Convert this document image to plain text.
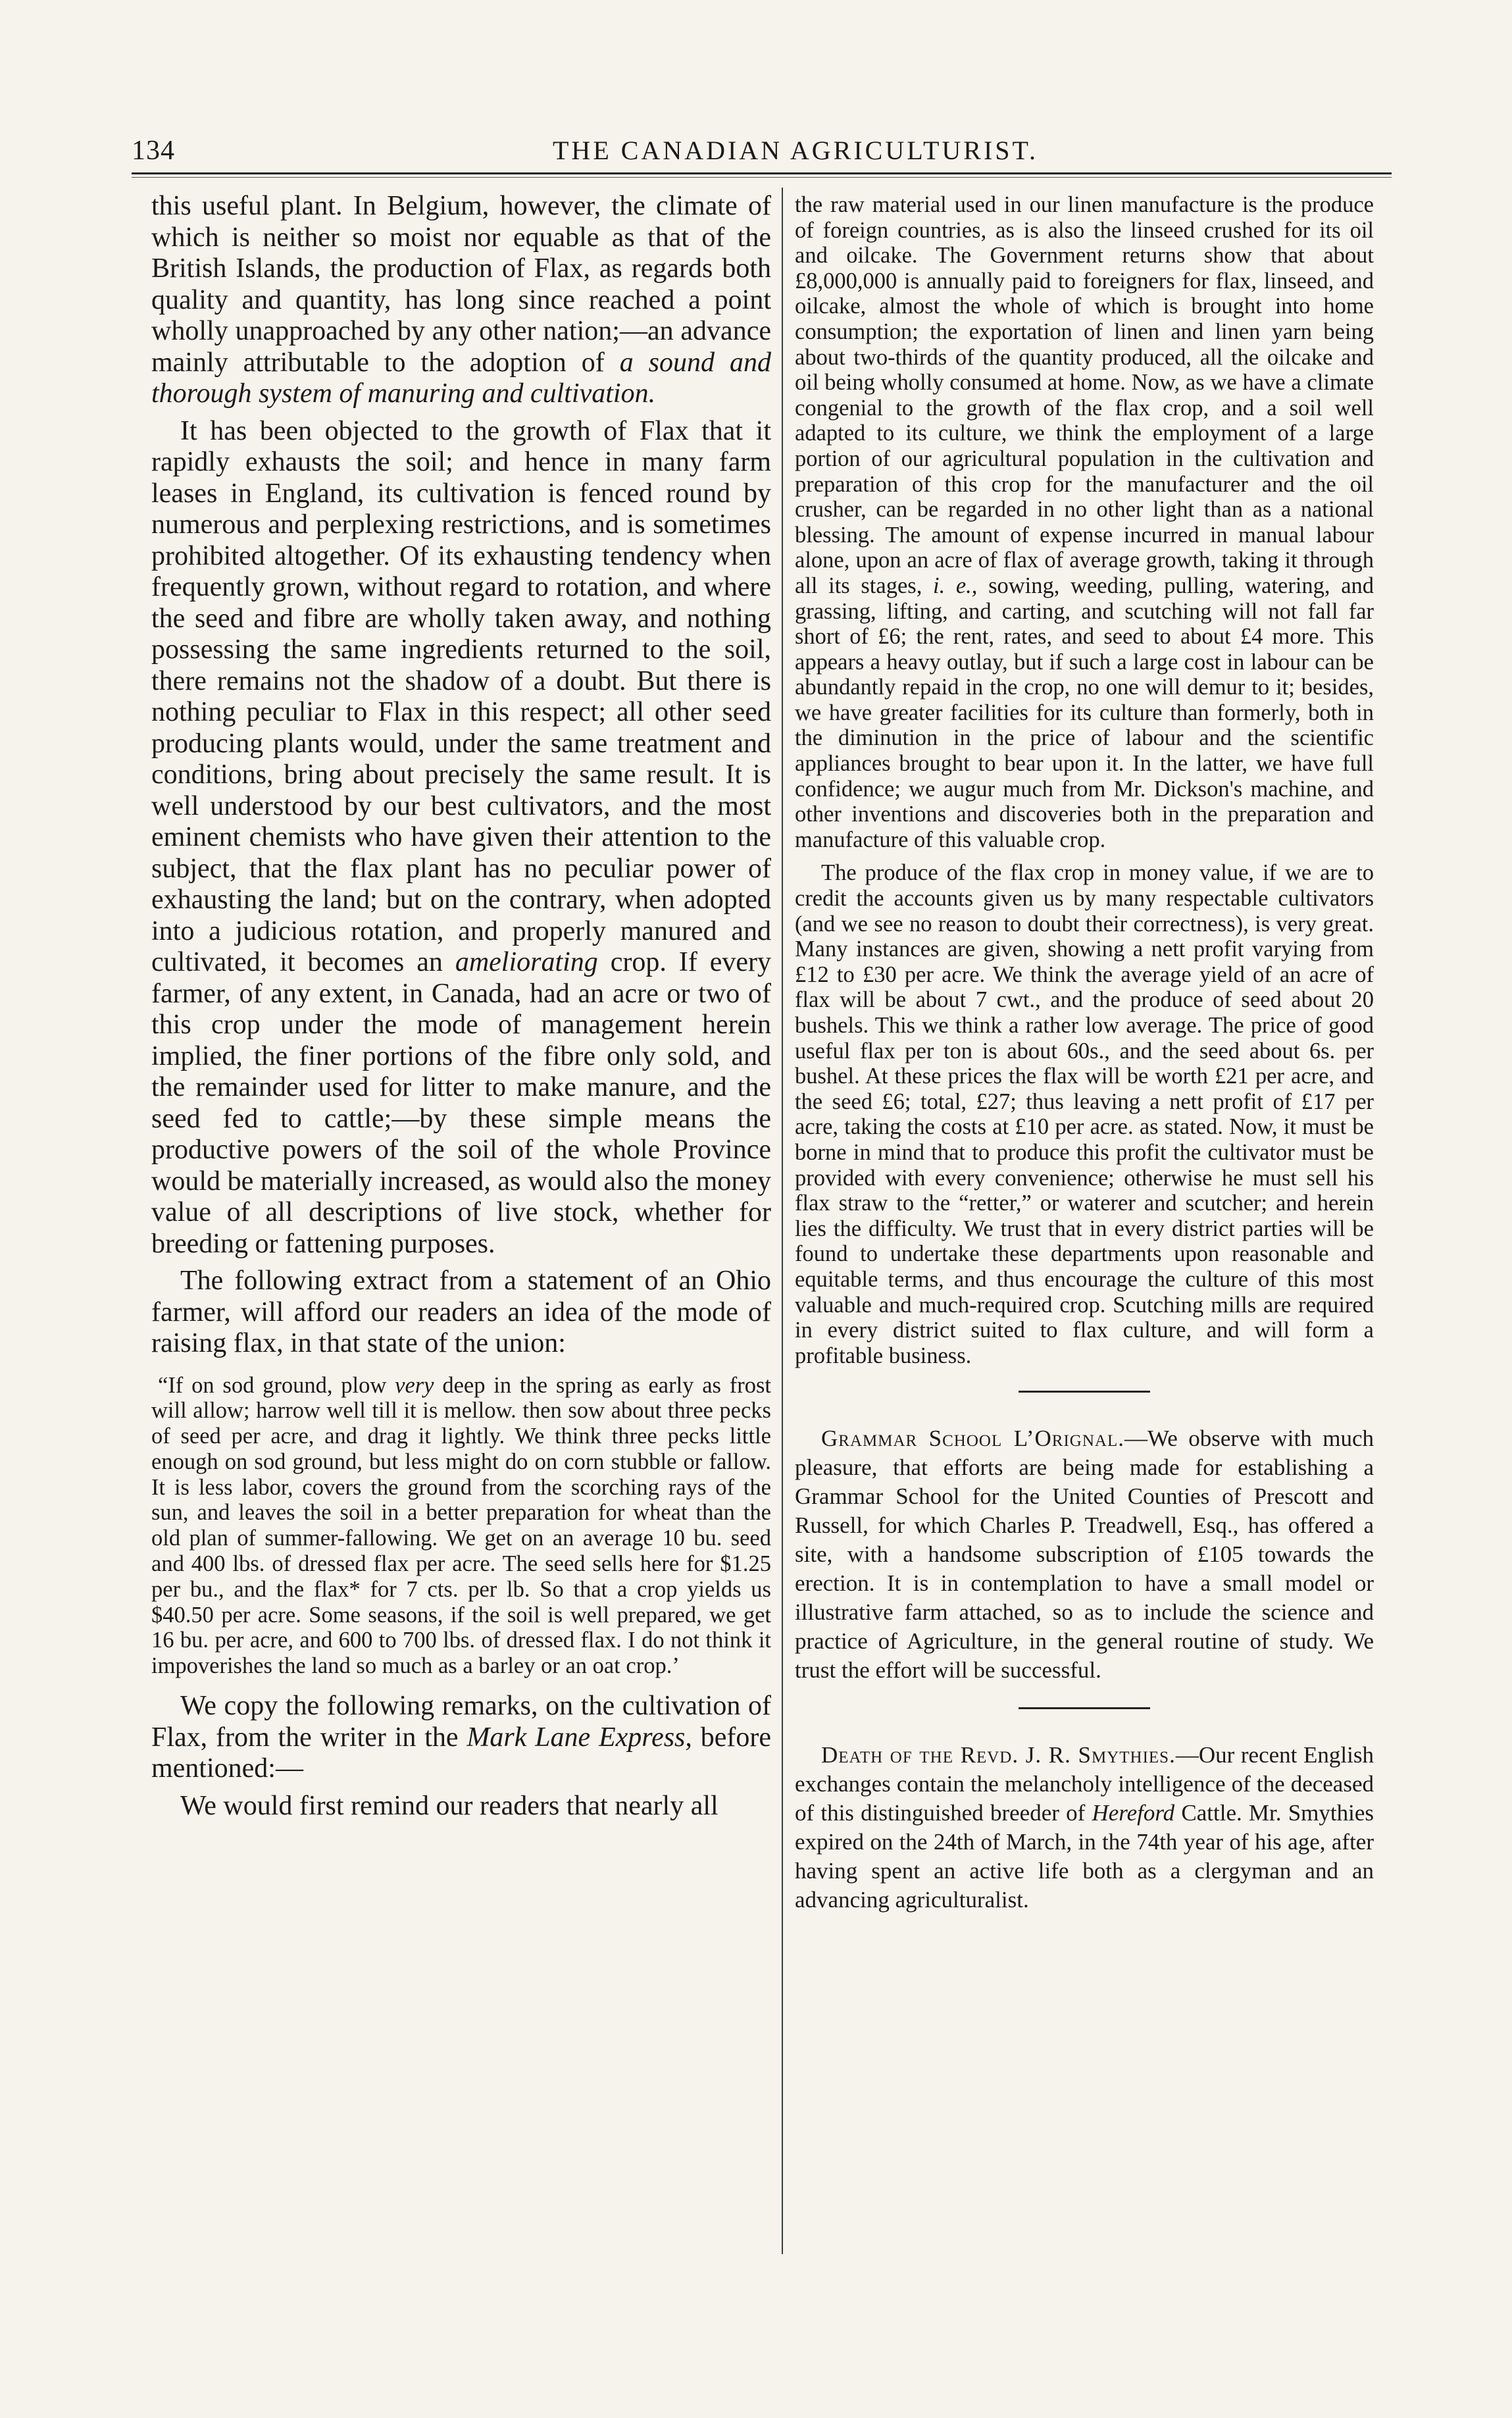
134	THE CANADIAN AGRICULTURIST.

this useful plant. In Belgium, however, the climate of which is neither so moist nor equable as that of the British Islands, the production of Flax, as regards both quality and quantity, has long since reached a point wholly unapproached by any other nation;—an advance mainly attributable to the adoption of a sound and thorough system of manuring and cultivation.

It has been objected to the growth of Flax that it rapidly exhausts the soil; and hence in many farm leases in England, its cultivation is fenced round by numerous and perplexing restrictions, and is sometimes prohibited altogether. Of its exhausting tendency when frequently grown, without regard to rotation, and where the seed and fibre are wholly taken away, and nothing possessing the same ingredients returned to the soil, there remains not the shadow of a doubt. But there is nothing peculiar to Flax in this respect; all other seed producing plants would, under the same treatment and conditions, bring about precisely the same result. It is well understood by our best cultivators, and the most eminent chemists who have given their attention to the subject, that the flax plant has no peculiar power of exhausting the land; but on the contrary, when adopted into a judicious rotation, and properly manured and cultivated, it becomes an ameliorating crop. If every farmer, of any extent, in Canada, had an acre or two of this crop under the mode of management herein implied, the finer portions of the fibre only sold, and the remainder used for litter to make manure, and the seed fed to cattle;—by these simple means the productive powers of the soil of the whole Province would be materially increased, as would also the money value of all descriptions of live stock, whether for breeding or fattening purposes.

The following extract from a statement of an Ohio farmer, will afford our readers an idea of the mode of raising flax, in that state of the union:

“If on sod ground, plow very deep in the spring as early as frost will allow; harrow well till it is mellow. then sow about three pecks of seed per acre, and drag it lightly. We think three pecks little enough on sod ground, but less might do on corn stubble or fallow. It is less labor, covers the ground from the scorching rays of the sun, and leaves the soil in a better preparation for wheat than the old plan of summer-fallowing. We get on an average 10 bu. seed and 400 lbs. of dressed flax per acre. The seed sells here for $1.25 per bu., and the flax* for 7 cts. per lb. So that a crop yields us $40.50 per acre. Some seasons, if the soil is well prepared, we get 16 bu. per acre, and 600 to 700 lbs. of dressed flax. I do not think it impoverishes the land so much as a barley or an oat crop.’

We copy the following remarks, on the cultivation of Flax, from the writer in the Mark Lane Express, before mentioned:—

We would first remind our readers that nearly all

the raw material used in our linen manufacture is the produce of foreign countries, as is also the linseed crushed for its oil and oilcake. The Government returns show that about £8,000,000 is annually paid to foreigners for flax, linseed, and oilcake, almost the whole of which is brought into home consumption; the exportation of linen and linen yarn being about two-thirds of the quantity produced, all the oilcake and oil being wholly consumed at home. Now, as we have a climate congenial to the growth of the flax crop, and a soil well adapted to its culture, we think the employment of a large portion of our agricultural population in the cultivation and preparation of this crop for the manufacturer and the oil crusher, can be regarded in no other light than as a national blessing. The amount of expense incurred in manual labour alone, upon an acre of flax of average growth, taking it through all its stages, i. e., sowing, weeding, pulling, watering, and grassing, lifting, and carting, and scutching will not fall far short of £6; the rent, rates, and seed to about £4 more. This appears a heavy outlay, but if such a large cost in labour can be abundantly repaid in the crop, no one will demur to it; besides, we have greater facilities for its culture than formerly, both in the diminution in the price of labour and the scientific appliances brought to bear upon it. In the latter, we have full confidence; we augur much from Mr. Dickson's machine, and other inventions and discoveries both in the preparation and manufacture of this valuable crop.

The produce of the flax crop in money value, if we are to credit the accounts given us by many respectable cultivators (and we see no reason to doubt their correctness), is very great. Many instances are given, showing a nett profit varying from £12 to £30 per acre. We think the average yield of an acre of flax will be about 7 cwt., and the produce of seed about 20 bushels. This we think a rather low average. The price of good useful flax per ton is about 60s., and the seed about 6s. per bushel. At these prices the flax will be worth £21 per acre, and the seed £6; total, £27; thus leaving a nett profit of £17 per acre, taking the costs at £10 per acre. as stated. Now, it must be borne in mind that to produce this profit the cultivator must be provided with every convenience; otherwise he must sell his flax straw to the “retter,” or waterer and scutcher; and herein lies the difficulty. We trust that in every district parties will be found to undertake these departments upon reasonable and equitable terms, and thus encourage the culture of this most valuable and much-required crop. Scutching mills are required in every district suited to flax culture, and will form a profitable business.

Grammar School L’Orignal.—We observe with much pleasure, that efforts are being made for establishing a Grammar School for the United Counties of Prescott and Russell, for which Charles P. Treadwell, Esq., has offered a site, with a handsome subscription of £105 towards the erection. It is in contemplation to have a small model or illustrative farm attached, so as to include the science and practice of Agriculture, in the general routine of study. We trust the effort will be successful.

Death of the Revd. J. R. Smythies.—Our recent English exchanges contain the melancholy intelligence of the deceased of this distinguished breeder of Hereford Cattle. Mr. Smythies expired on the 24th of March, in the 74th year of his age, after having spent an active life both as a clergyman and an advancing agriculturalist.
